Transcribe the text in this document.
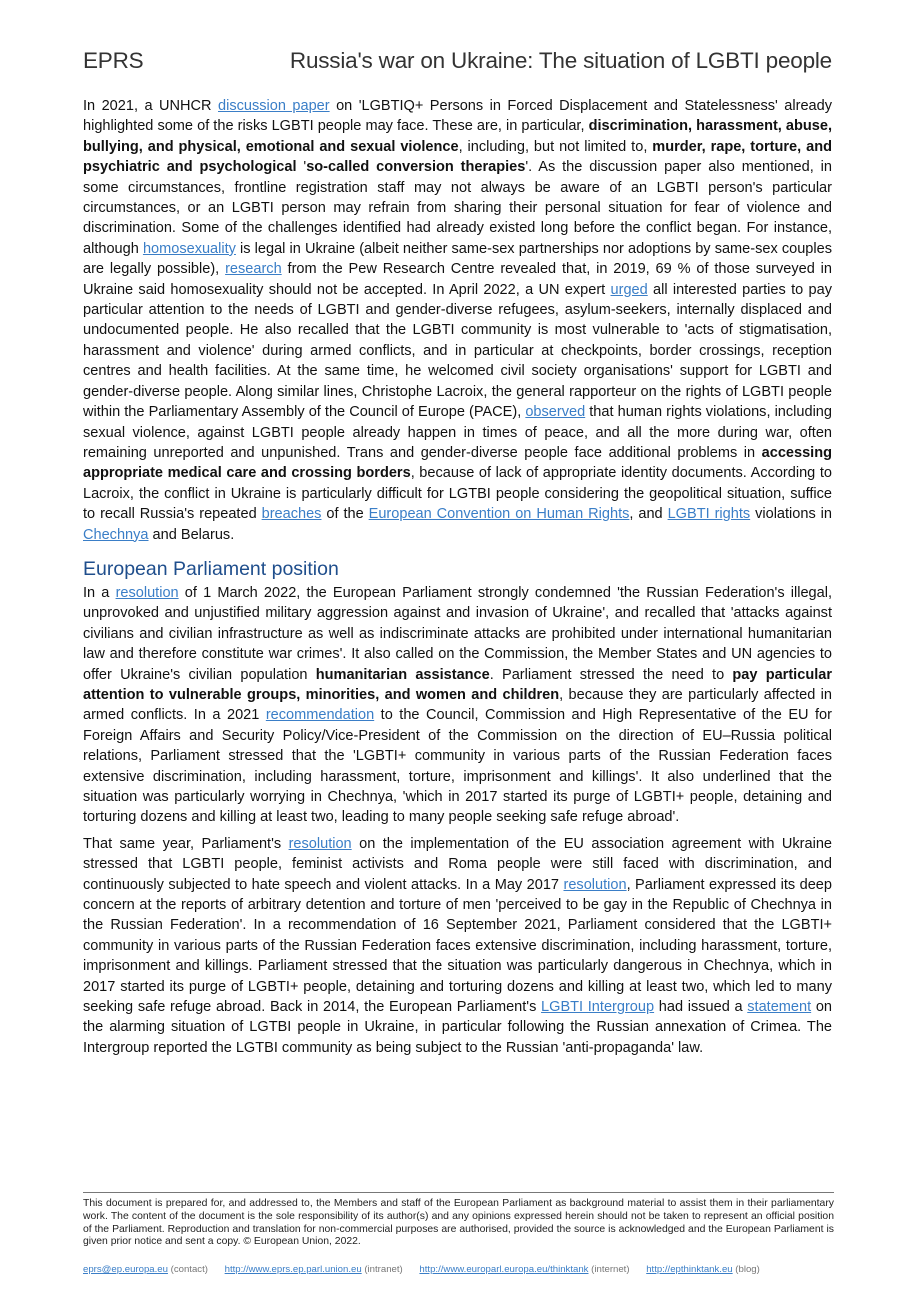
EPRS	Russia's war on Ukraine: The situation of LGBTI people

In 2021, a UNHCR discussion paper on 'LGBTIQ+ Persons in Forced Displacement and Statelessness' already highlighted some of the risks LGBTI people may face. These are, in particular, discrimination, harassment, abuse, bullying, and physical, emotional and sexual violence, including, but not limited to, murder, rape, torture, and psychiatric and psychological 'so-called conversion therapies'. As the discussion paper also mentioned, in some circumstances, frontline registration staff may not always be aware of an LGBTI person's particular circumstances, or an LGBTI person may refrain from sharing their personal situation for fear of violence and discrimination. Some of the challenges identified had already existed long before the conflict began. For instance, although homosexuality is legal in Ukraine (albeit neither same-sex partnerships nor adoptions by same-sex couples are legally possible), research from the Pew Research Centre revealed that, in 2019, 69 % of those surveyed in Ukraine said homosexuality should not be accepted. In April 2022, a UN expert urged all interested parties to pay particular attention to the needs of LGBTI and gender-diverse refugees, asylum-seekers, internally displaced and undocumented people. He also recalled that the LGBTI community is most vulnerable to 'acts of stigmatisation, harassment and violence' during armed conflicts, and in particular at checkpoints, border crossings, reception centres and health facilities. At the same time, he welcomed civil society organisations' support for LGBTI and gender-diverse people. Along similar lines, Christophe Lacroix, the general rapporteur on the rights of LGBTI people within the Parliamentary Assembly of the Council of Europe (PACE), observed that human rights violations, including sexual violence, against LGBTI people already happen in times of peace, and all the more during war, often remaining unreported and unpunished. Trans and gender-diverse people face additional problems in accessing appropriate medical care and crossing borders, because of lack of appropriate identity documents. According to Lacroix, the conflict in Ukraine is particularly difficult for LGTBI people considering the geopolitical situation, suffice to recall Russia's repeated breaches of the European Convention on Human Rights, and LGBTI rights violations in Chechnya and Belarus.

European Parliament position

In a resolution of 1 March 2022, the European Parliament strongly condemned 'the Russian Federation's illegal, unprovoked and unjustified military aggression against and invasion of Ukraine', and recalled that 'attacks against civilians and civilian infrastructure as well as indiscriminate attacks are prohibited under international humanitarian law and therefore constitute war crimes'. It also called on the Commission, the Member States and UN agencies to offer Ukraine's civilian population humanitarian assistance. Parliament stressed the need to pay particular attention to vulnerable groups, minorities, and women and children, because they are particularly affected in armed conflicts. In a 2021 recommendation to the Council, Commission and High Representative of the EU for Foreign Affairs and Security Policy/Vice-President of the Commission on the direction of EU–Russia political relations, Parliament stressed that the 'LGBTI+ community in various parts of the Russian Federation faces extensive discrimination, including harassment, torture, imprisonment and killings'. It also underlined that the situation was particularly worrying in Chechnya, 'which in 2017 started its purge of LGBTI+ people, detaining and torturing dozens and killing at least two, leading to many people seeking safe refuge abroad'.

That same year, Parliament's resolution on the implementation of the EU association agreement with Ukraine stressed that LGBTI people, feminist activists and Roma people were still faced with discrimination, and continuously subjected to hate speech and violent attacks. In a May 2017 resolution, Parliament expressed its deep concern at the reports of arbitrary detention and torture of men 'perceived to be gay in the Republic of Chechnya in the Russian Federation'. In a recommendation of 16 September 2021, Parliament considered that the LGBTI+ community in various parts of the Russian Federation faces extensive discrimination, including harassment, torture, imprisonment and killings. Parliament stressed that the situation was particularly dangerous in Chechnya, which in 2017 started its purge of LGBTI+ people, detaining and torturing dozens and killing at least two, which led to many seeking safe refuge abroad. Back in 2014, the European Parliament's LGBTI Intergroup had issued a statement on the alarming situation of LGTBI people in Ukraine, in particular following the Russian annexation of Crimea. The Intergroup reported the LGTBI community as being subject to the Russian 'anti-propaganda' law.

This document is prepared for, and addressed to, the Members and staff of the European Parliament as background material to assist them in their parliamentary work. The content of the document is the sole responsibility of its author(s) and any opinions expressed herein should not be taken to represent an official position of the Parliament. Reproduction and translation for non-commercial purposes are authorised, provided the source is acknowledged and the European Parliament is given prior notice and sent a copy. © European Union, 2022.
eprs@ep.europa.eu (contact) http://www.eprs.ep.parl.union.eu (intranet) http://www.europarl.europa.eu/thinktank (internet) http://epthinktank.eu (blog)
